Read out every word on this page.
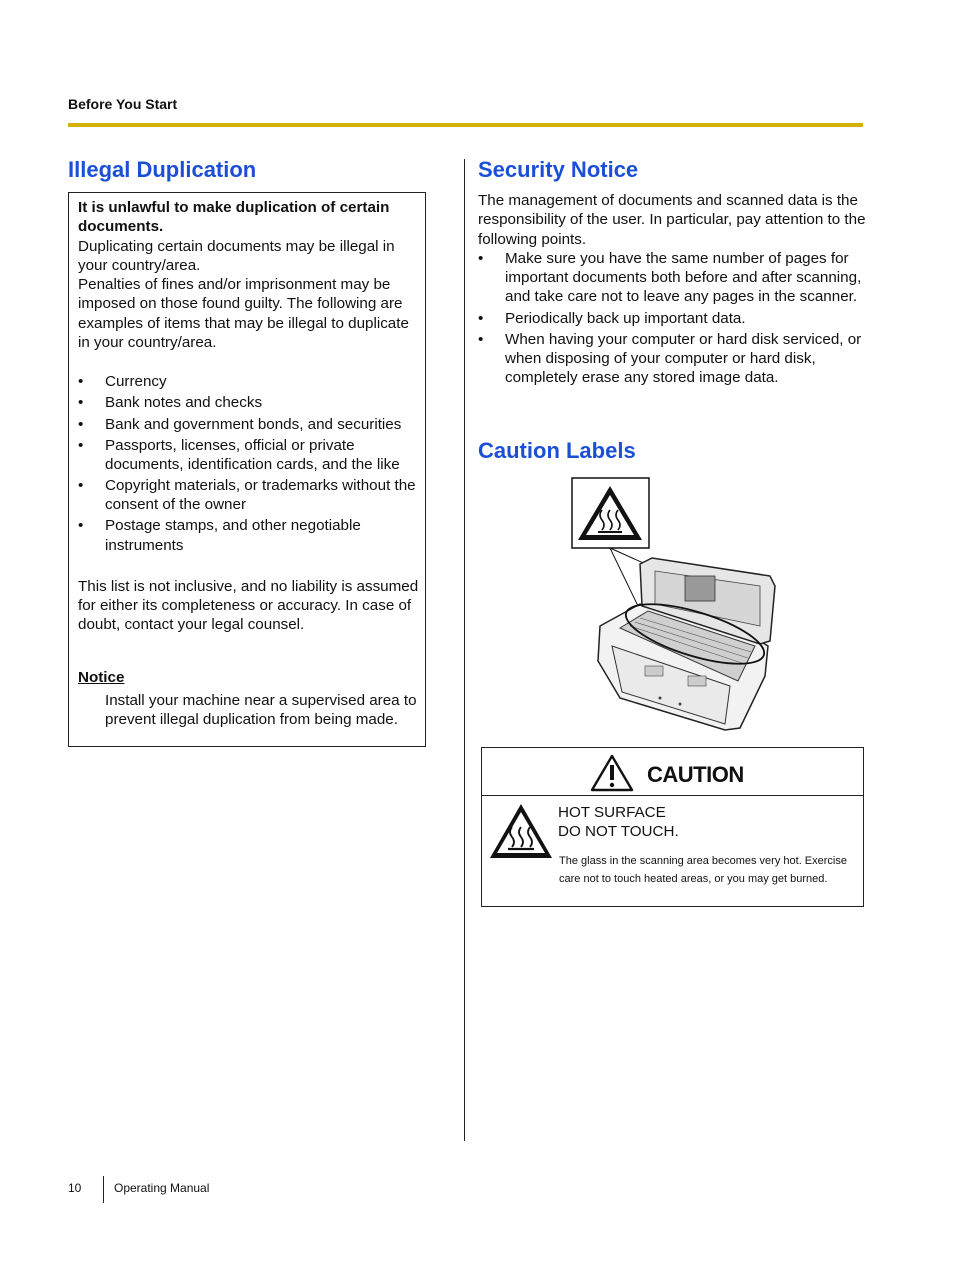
Before You Start
Illegal Duplication

It is unlawful to make duplication of certain documents.

Duplicating certain documents may be illegal in your country/area.

Penalties of fines and/or imprisonment may be imposed on those found guilty. The following are examples of items that may be illegal to duplicate in your country/area.

• Currency
• Bank notes and checks
• Bank and government bonds, and securities
• Passports, licenses, official or private documents, identification cards, and the like
• Copyright materials, or trademarks without the consent of the owner
• Postage stamps, and other negotiable instruments

This list is not inclusive, and no liability is assumed for either its completeness or accuracy. In case of doubt, contact your legal counsel.

Notice

Install your machine near a supervised area to prevent illegal duplication from being made.

Security Notice

The management of documents and scanned data is the responsibility of the user. In particular, pay attention to the following points.

• Make sure you have the same number of pages for important documents both before and after scanning, and take care not to leave any pages in the scanner.
• Periodically back up important data.
• When having your computer or hard disk serviced, or when disposing of your computer or hard disk, completely erase any stored image data.
Caution Labels
CAUTION
HOT SURFACE
DO NOT TOUCH.
The glass in the scanning area becomes very hot. Exercise care not to touch heated areas, or you may get burned.
10	Operating Manual
